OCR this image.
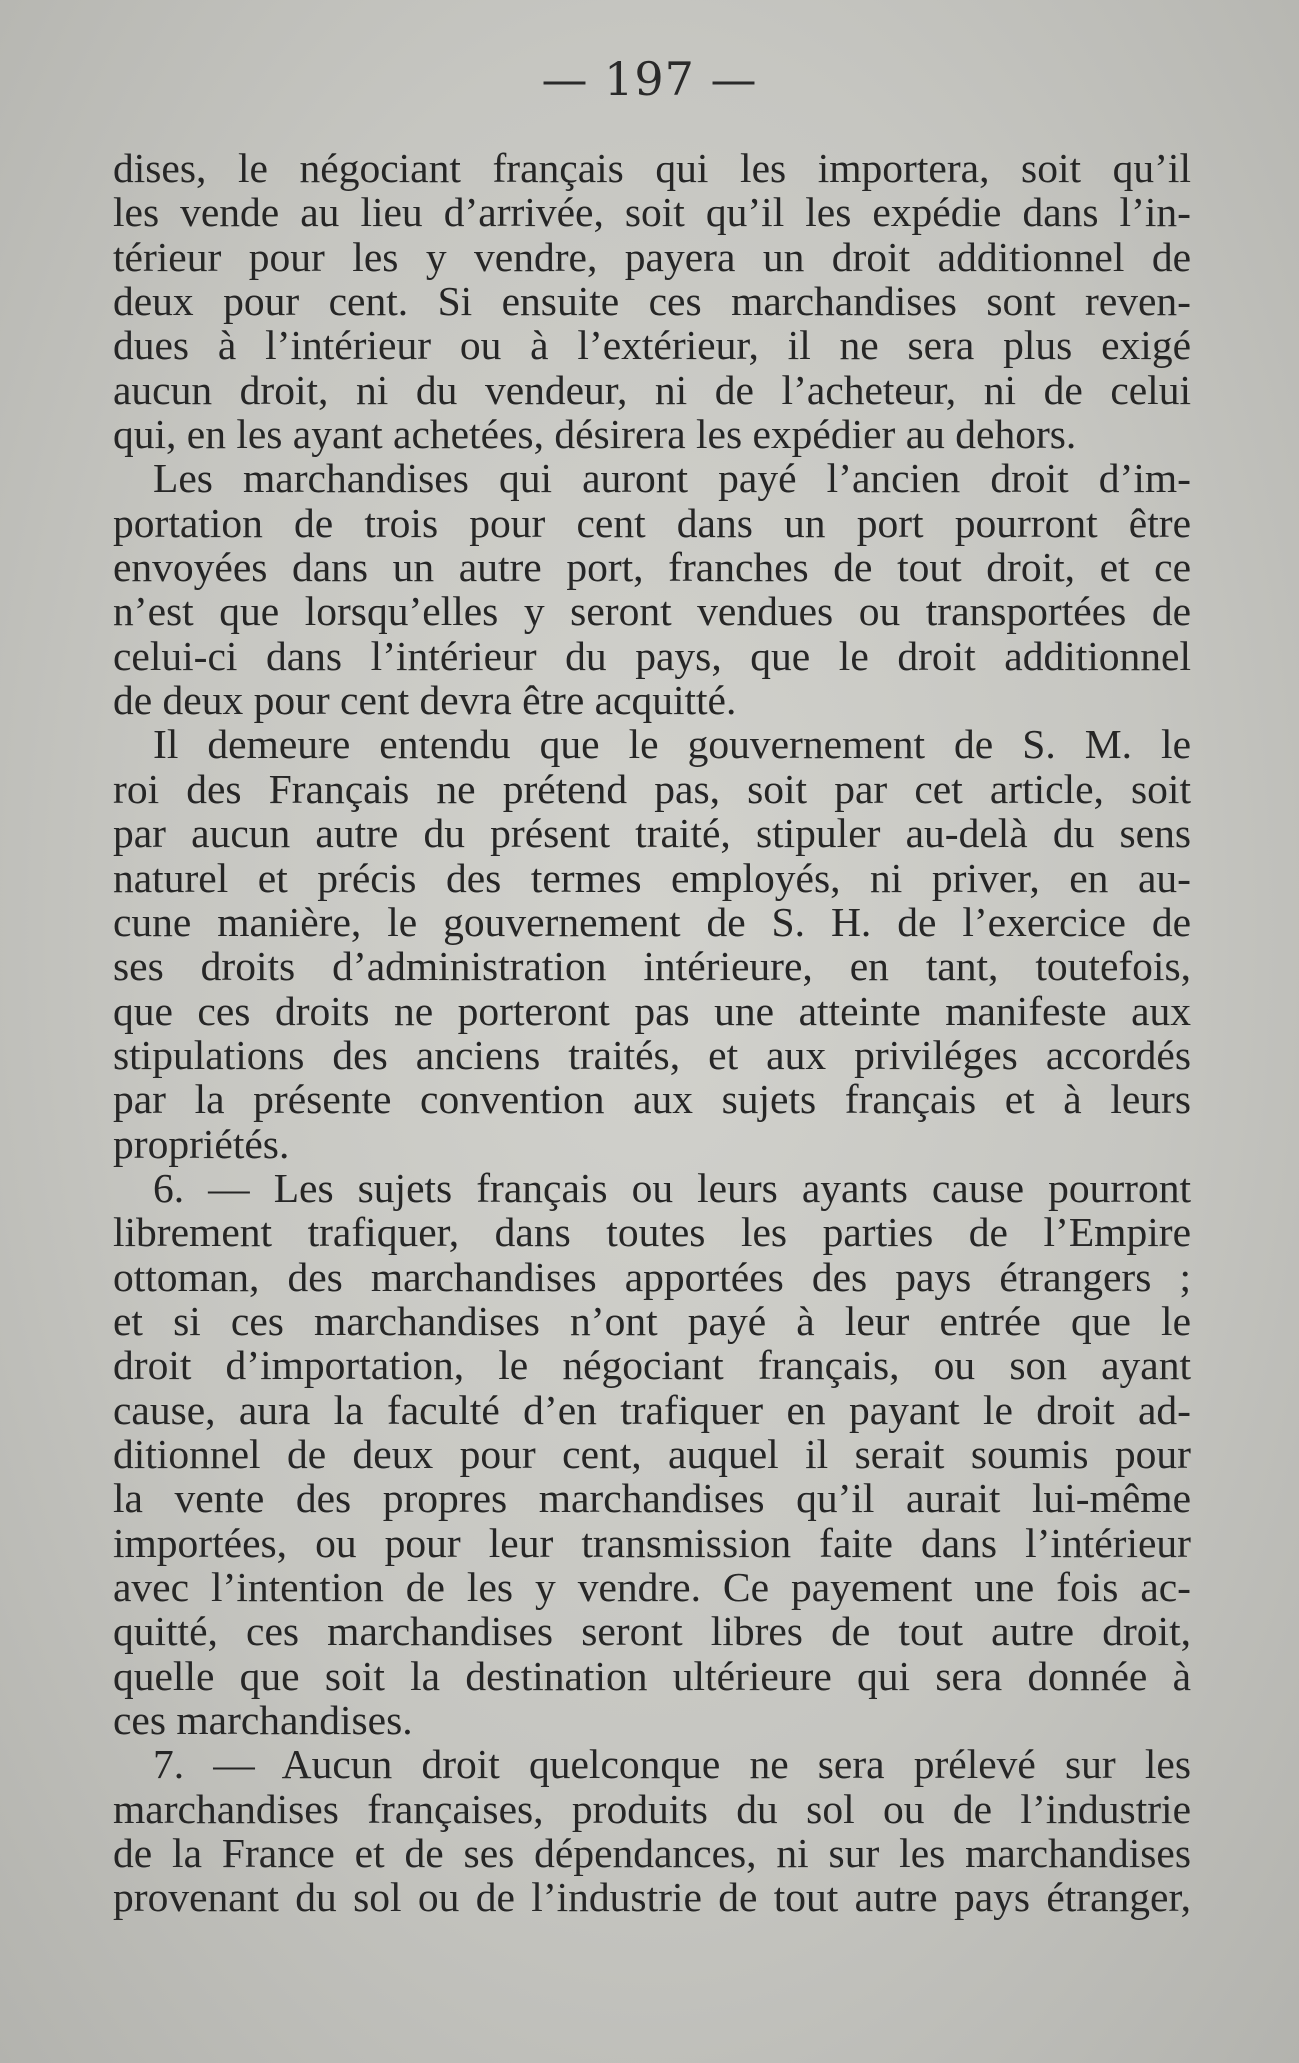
— 197 —
dises, le négociant français qui les importera, soit qu’il
les vende au lieu d’arrivée, soit qu’il les expédie dans l’in-
térieur pour les y vendre, payera un droit additionnel de
deux pour cent. Si ensuite ces marchandises sont reven-
dues à l’intérieur ou à l’extérieur, il ne sera plus exigé
aucun droit, ni du vendeur, ni de l’acheteur, ni de celui
qui, en les ayant achetées, désirera les expédier au dehors.
Les marchandises qui auront payé l’ancien droit d’im-
portation de trois pour cent dans un port pourront être
envoyées dans un autre port, franches de tout droit, et ce
n’est que lorsqu’elles y seront vendues ou transportées de
celui-ci dans l’intérieur du pays, que le droit additionnel
de deux pour cent devra être acquitté.
Il demeure entendu que le gouvernement de S. M. le
roi des Français ne prétend pas, soit par cet article, soit
par aucun autre du présent traité, stipuler au-delà du sens
naturel et précis des termes employés, ni priver, en au-
cune manière, le gouvernement de S. H. de l’exercice de
ses droits d’administration intérieure, en tant, toutefois,
que ces droits ne porteront pas une atteinte manifeste aux
stipulations des anciens traités, et aux priviléges accordés
par la présente convention aux sujets français et à leurs
propriétés.
6. — Les sujets français ou leurs ayants cause pourront
librement trafiquer, dans toutes les parties de l’Empire
ottoman, des marchandises apportées des pays étrangers ;
et si ces marchandises n’ont payé à leur entrée que le
droit d’importation, le négociant français, ou son ayant
cause, aura la faculté d’en trafiquer en payant le droit ad-
ditionnel de deux pour cent, auquel il serait soumis pour
la vente des propres marchandises qu’il aurait lui-même
importées, ou pour leur transmission faite dans l’intérieur
avec l’intention de les y vendre. Ce payement une fois ac-
quitté, ces marchandises seront libres de tout autre droit,
quelle que soit la destination ultérieure qui sera donnée à
ces marchandises.
7. — Aucun droit quelconque ne sera prélevé sur les
marchandises françaises, produits du sol ou de l’industrie
de la France et de ses dépendances, ni sur les marchandises
provenant du sol ou de l’industrie de tout autre pays étranger,
